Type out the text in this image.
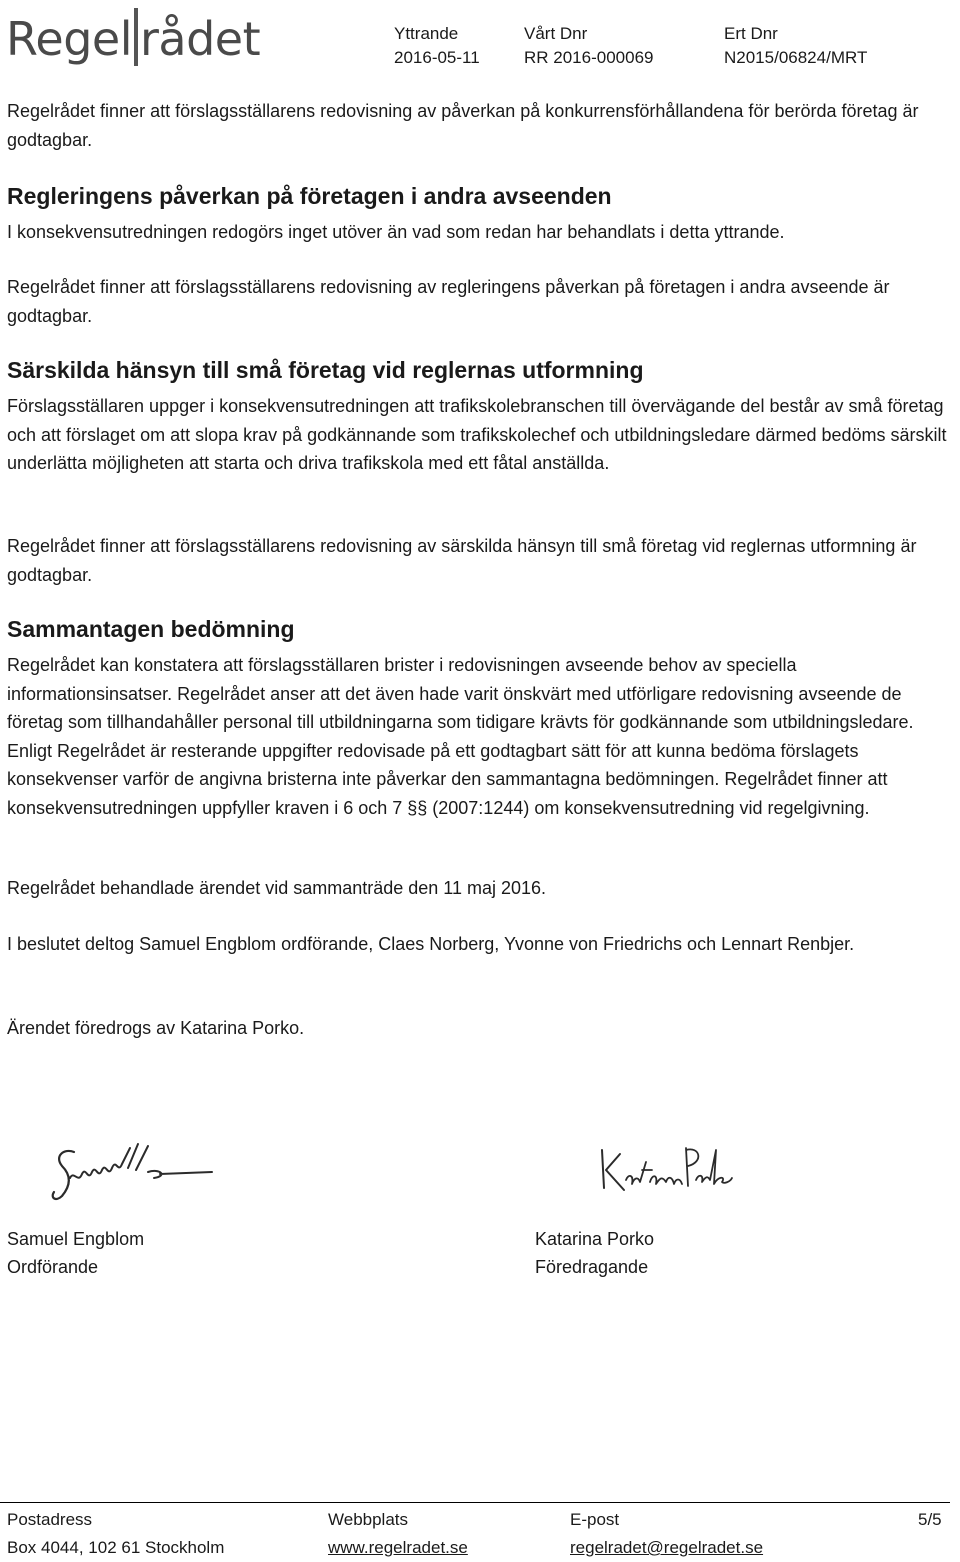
Regel rådet	Yttrande
2016-05-11
Vårt Dnr
RR 2016-000069
Ert Dnr
N2015/06824/MRT

Regelrådet finner att förslagsställarens redovisning av påverkan på konkurrensförhållandena för berörda företag är godtagbar.

Regleringens påverkan på företagen i andra avseenden

I konsekvensutredningen redogörs inget utöver än vad som redan har behandlats i detta yttrande.

Regelrådet finner att förslagsställarens redovisning av regleringens påverkan på företagen i andra avseende är godtagbar.

Särskilda hänsyn till små företag vid reglernas utformning

Förslagsställaren uppger i konsekvensutredningen att trafikskolebranschen till övervägande del består av små företag och att förslaget om att slopa krav på godkännande som trafikskolechef och utbildningsledare därmed bedöms särskilt underlätta möjligheten att starta och driva trafikskola med ett fåtal anställda.

Regelrådet finner att förslagsställarens redovisning av särskilda hänsyn till små företag vid reglernas utformning är godtagbar.

Sammantagen bedömning

Regelrådet kan konstatera att förslagsställaren brister i redovisningen avseende behov av speciella informationsinsatser. Regelrådet anser att det även hade varit önskvärt med utförligare redovisning avseende de företag som tillhandahåller personal till utbildningarna som tidigare krävts för godkännande som utbildningsledare. Enligt Regelrådet är resterande uppgifter redovisade på ett godtagbart sätt för att kunna bedöma förslagets konsekvenser varför de angivna bristerna inte påverkar den sammantagna bedömningen. Regelrådet finner att konsekvensutredningen uppfyller kraven i 6 och 7 §§ (2007:1244) om konsekvensutredning vid regelgivning.

Regelrådet behandlade ärendet vid sammanträde den 11 maj 2016.

I beslutet deltog Samuel Engblom ordförande, Claes Norberg, Yvonne von Friedrichs och Lennart Renbjer.

Ärendet föredrogs av Katarina Porko.

Samuel Engblom
Ordförande
Katarina Porko
Föredragande
Postadress
Box 4044, 102 61 Stockholm
Webbplats
www.regelradet.se
E-post
regelradet@regelradet.se
5/5
